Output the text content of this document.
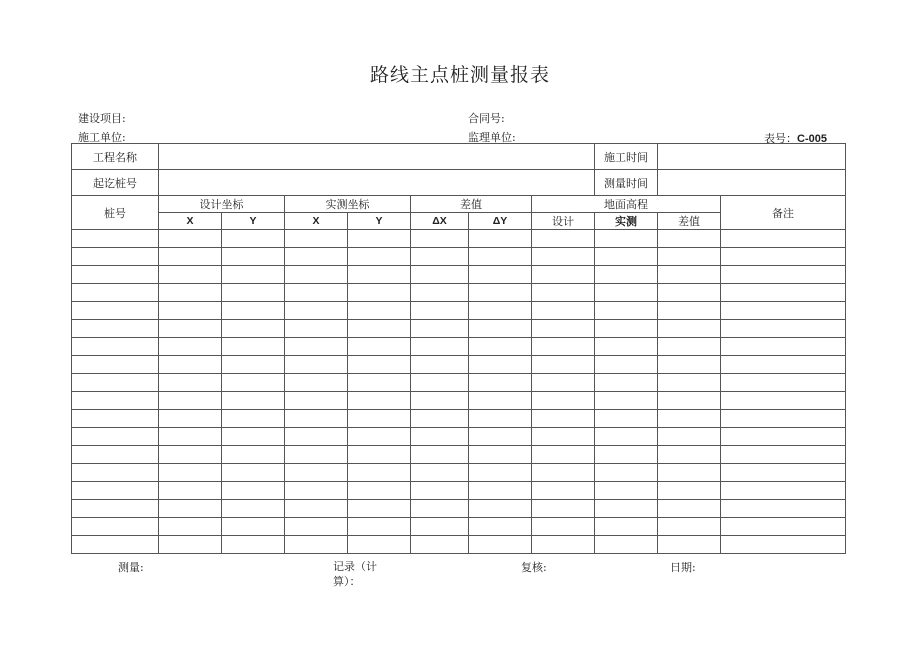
路线主点桩测量报表
建设项目:	合同号:
施工单位:	监理单位:	表号：C-005
工程名称								施工时间		
起讫桩号								测量时间		
桩号	设计坐标		实测坐标		差值		地面高程			备注
	X	Y	X	Y	ΔX	ΔY	设计	实测	差值	

测量:	记录（计
算）：
复核:	日期:
